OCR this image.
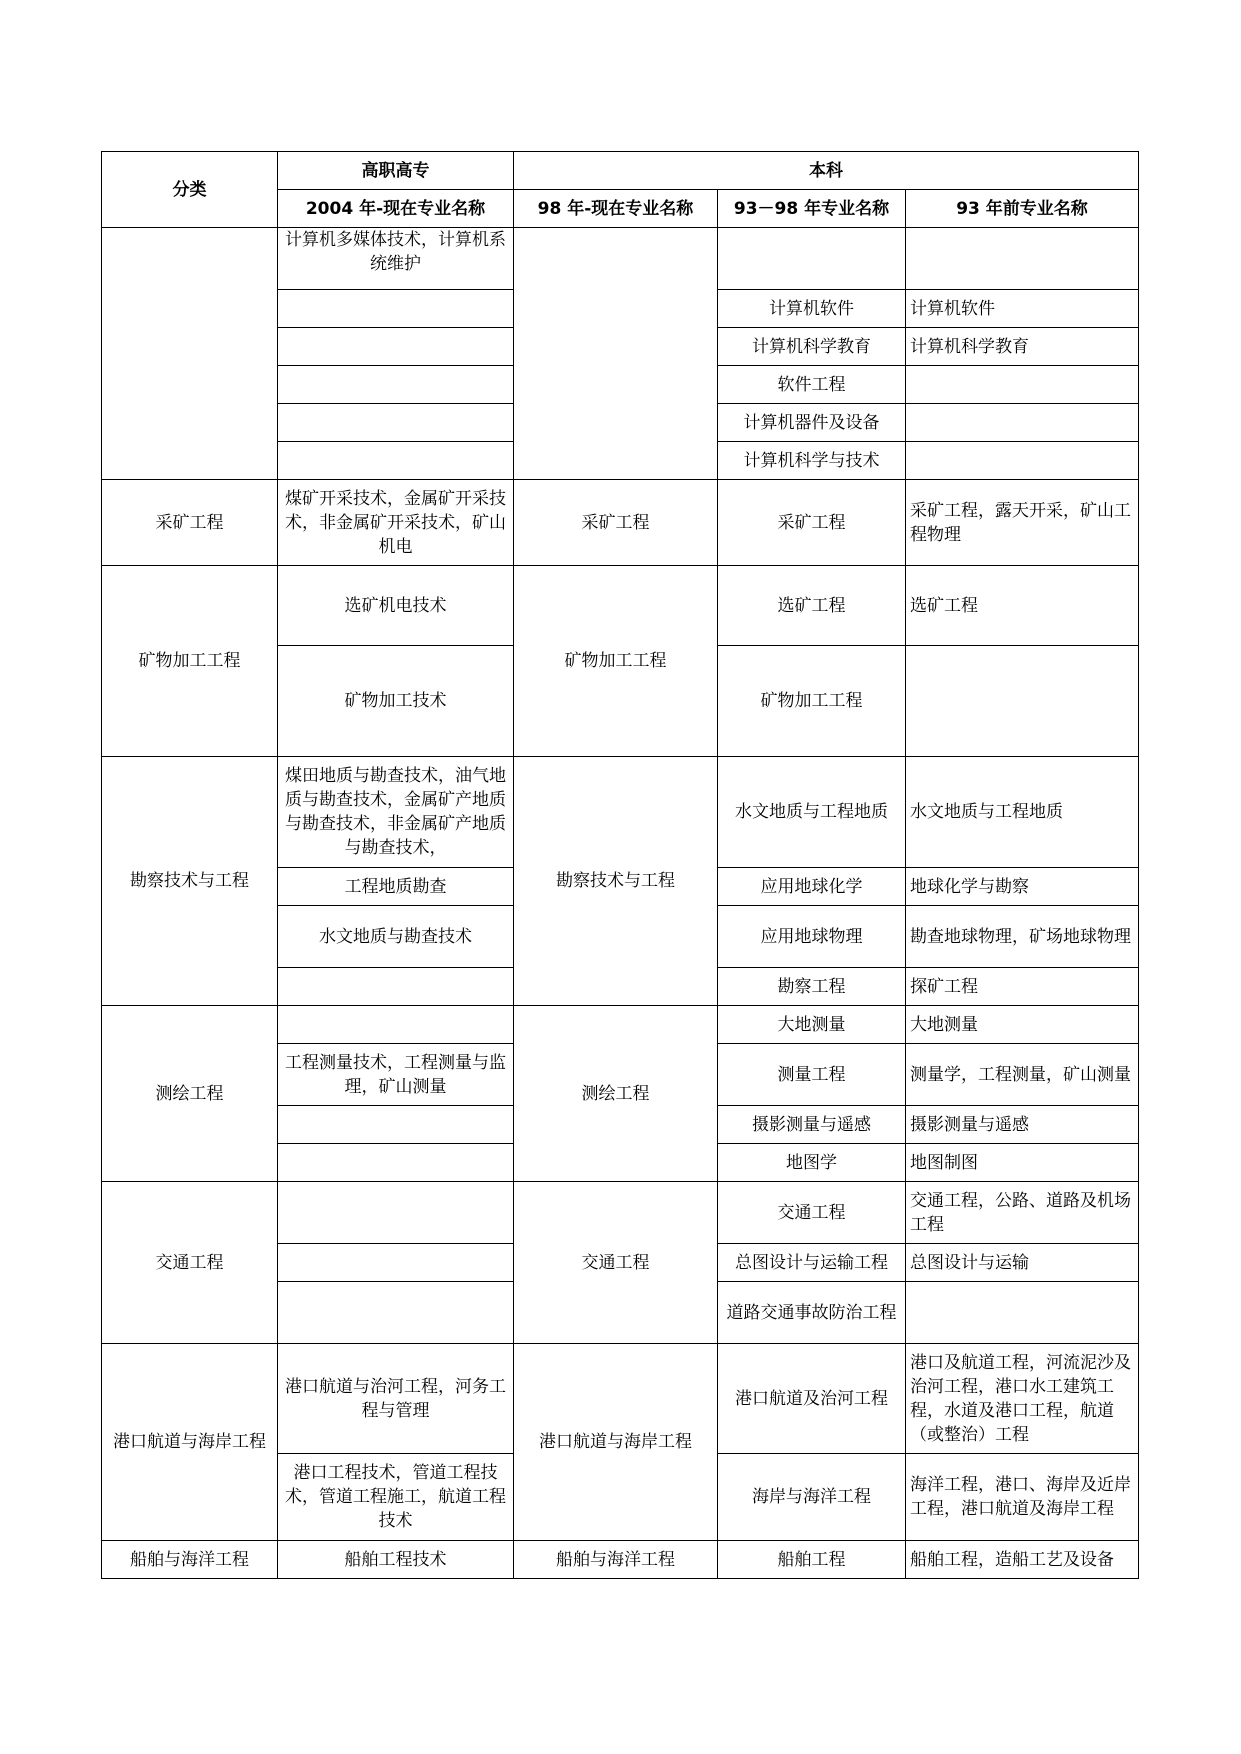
分类	高职高专	本科		
	2004 年-现在专业名称	98 年-现在专业名称	93－98 年专业名称	93 年前专业名称
	计算机多媒体技术，计算机系统维护			
			计算机软件	计算机软件
			计算机科学教育	计算机科学教育
			软件工程	
			计算机器件及设备	
			计算机科学与技术	
采矿工程	煤矿开采技术，金属矿开采技术，非金属矿开采技术，矿山机电	采矿工程	采矿工程	采矿工程，露天开采，矿山工程物理
矿物加工工程	选矿机电技术	矿物加工工程	选矿工程	选矿工程
	矿物加工技术		矿物加工工程	
勘察技术与工程	煤田地质与勘查技术，油气地质与勘查技术，金属矿产地质与勘查技术，非金属矿产地质与勘查技术，	勘察技术与工程	水文地质与工程地质	水文地质与工程地质
	工程地质勘查		应用地球化学	地球化学与勘察
	水文地质与勘查技术		应用地球物理	勘查地球物理，矿场地球物理
			勘察工程	探矿工程
测绘工程		测绘工程	大地测量	大地测量
	工程测量技术，工程测量与监理，矿山测量		测量工程	测量学，工程测量，矿山测量
			摄影测量与遥感	摄影测量与遥感
			地图学	地图制图
交通工程		交通工程	交通工程	交通工程，公路、道路及机场工程
			总图设计与运输工程	总图设计与运输
			道路交通事故防治工程	
港口航道与海岸工程	港口航道与治河工程，河务工程与管理	港口航道与海岸工程	港口航道及治河工程	港口及航道工程，河流泥沙及治河工程，港口水工建筑工程，水道及港口工程，航道（或整治）工程
	港口工程技术，管道工程技术，管道工程施工，航道工程技术		海岸与海洋工程	海洋工程，港口、海岸及近岸工程，港口航道及海岸工程
船舶与海洋工程	船舶工程技术	船舶与海洋工程	船舶工程	船舶工程，造船工艺及设备
